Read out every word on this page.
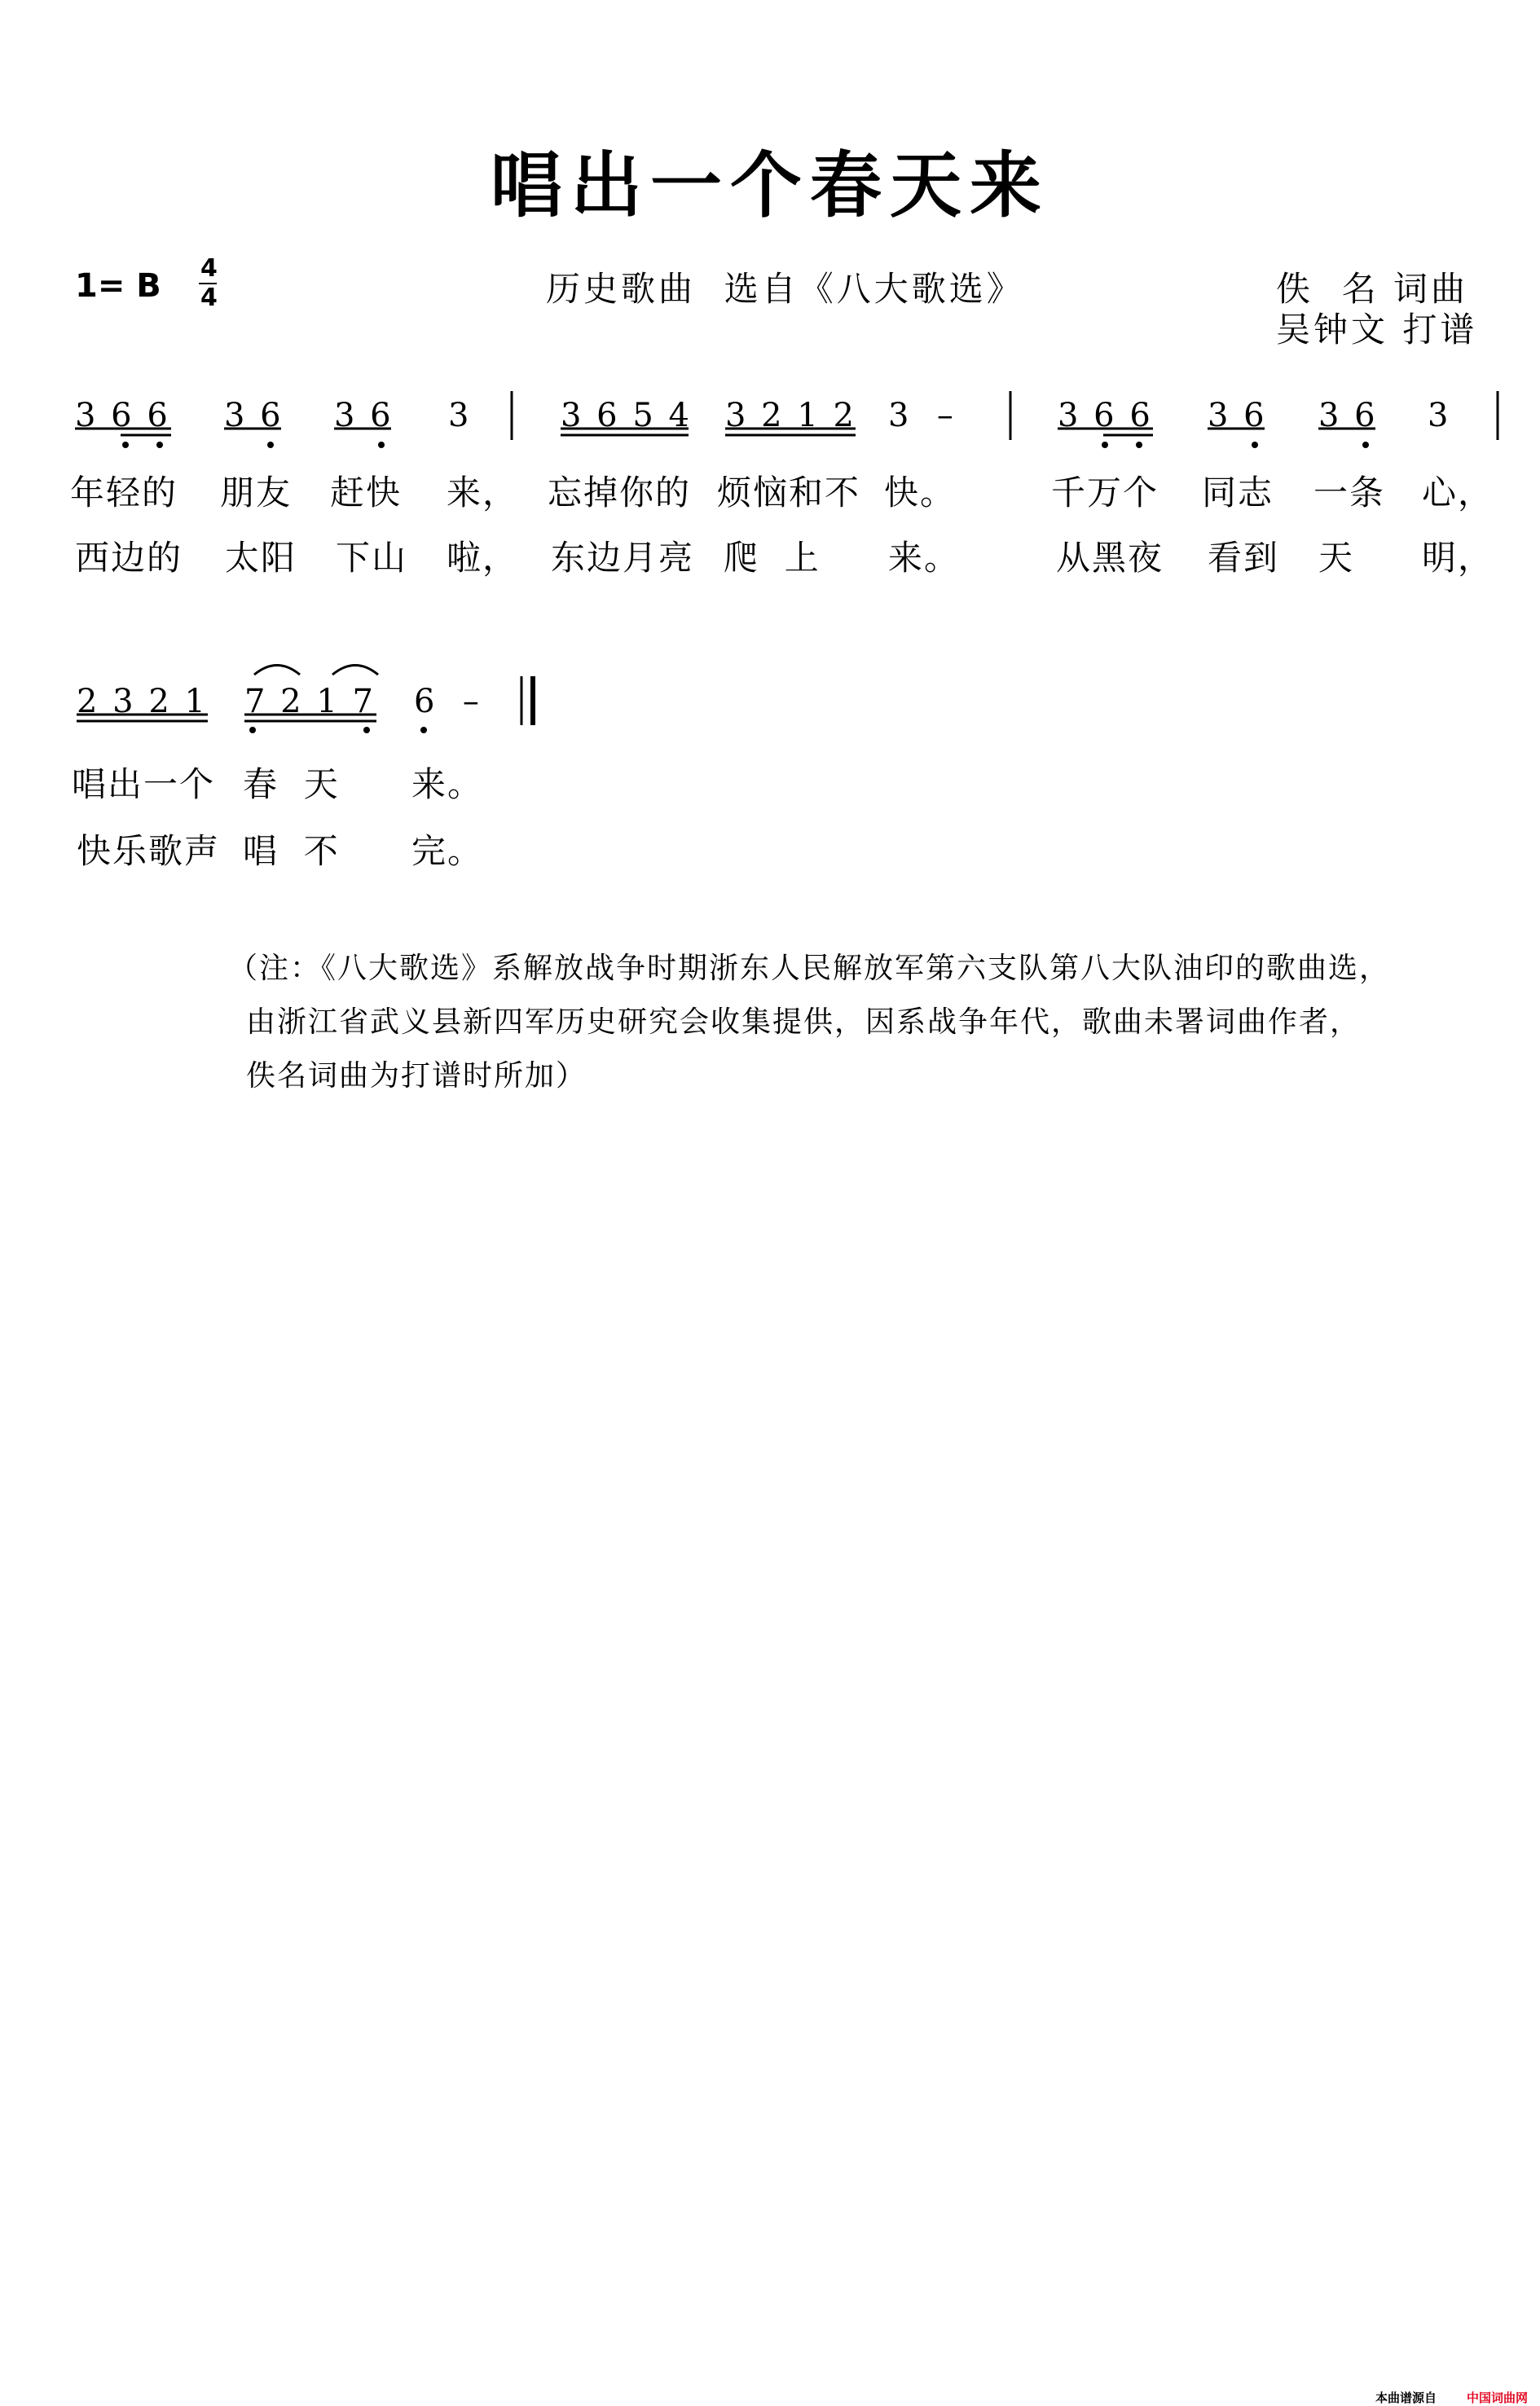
唱出一个春天来
1= B 4
4	历史歌曲  选自《八大歌选》	佚  名 词曲
吴钟文 打谱
3 6 6 3 6 3 6 3	3 6 5 4 3 2 1 2 3  –	3 6 6 3 6 3 6 3
年轻的 朋友 赶快 来， 忘掉你的 烦恼和不 快。	千万个 同志 一条 心，
西边的 太阳 下山 啦， 东边月亮 爬  上 来。	从黑夜 看到 天 明，
2 3 2 1 7 2 1 7 6  –
唱出一个 春  天 来。
快乐歌声 唱  不 完。
（注：《八大歌选》系解放战争时期浙东人民解放军第六支队第八大队油印的歌曲选，
由浙江省武义县新四军历史研究会收集提供，因系战争年代，歌曲未署词曲作者，
佚名词曲为打谱时所加）
本曲谱源自 中国词曲网
